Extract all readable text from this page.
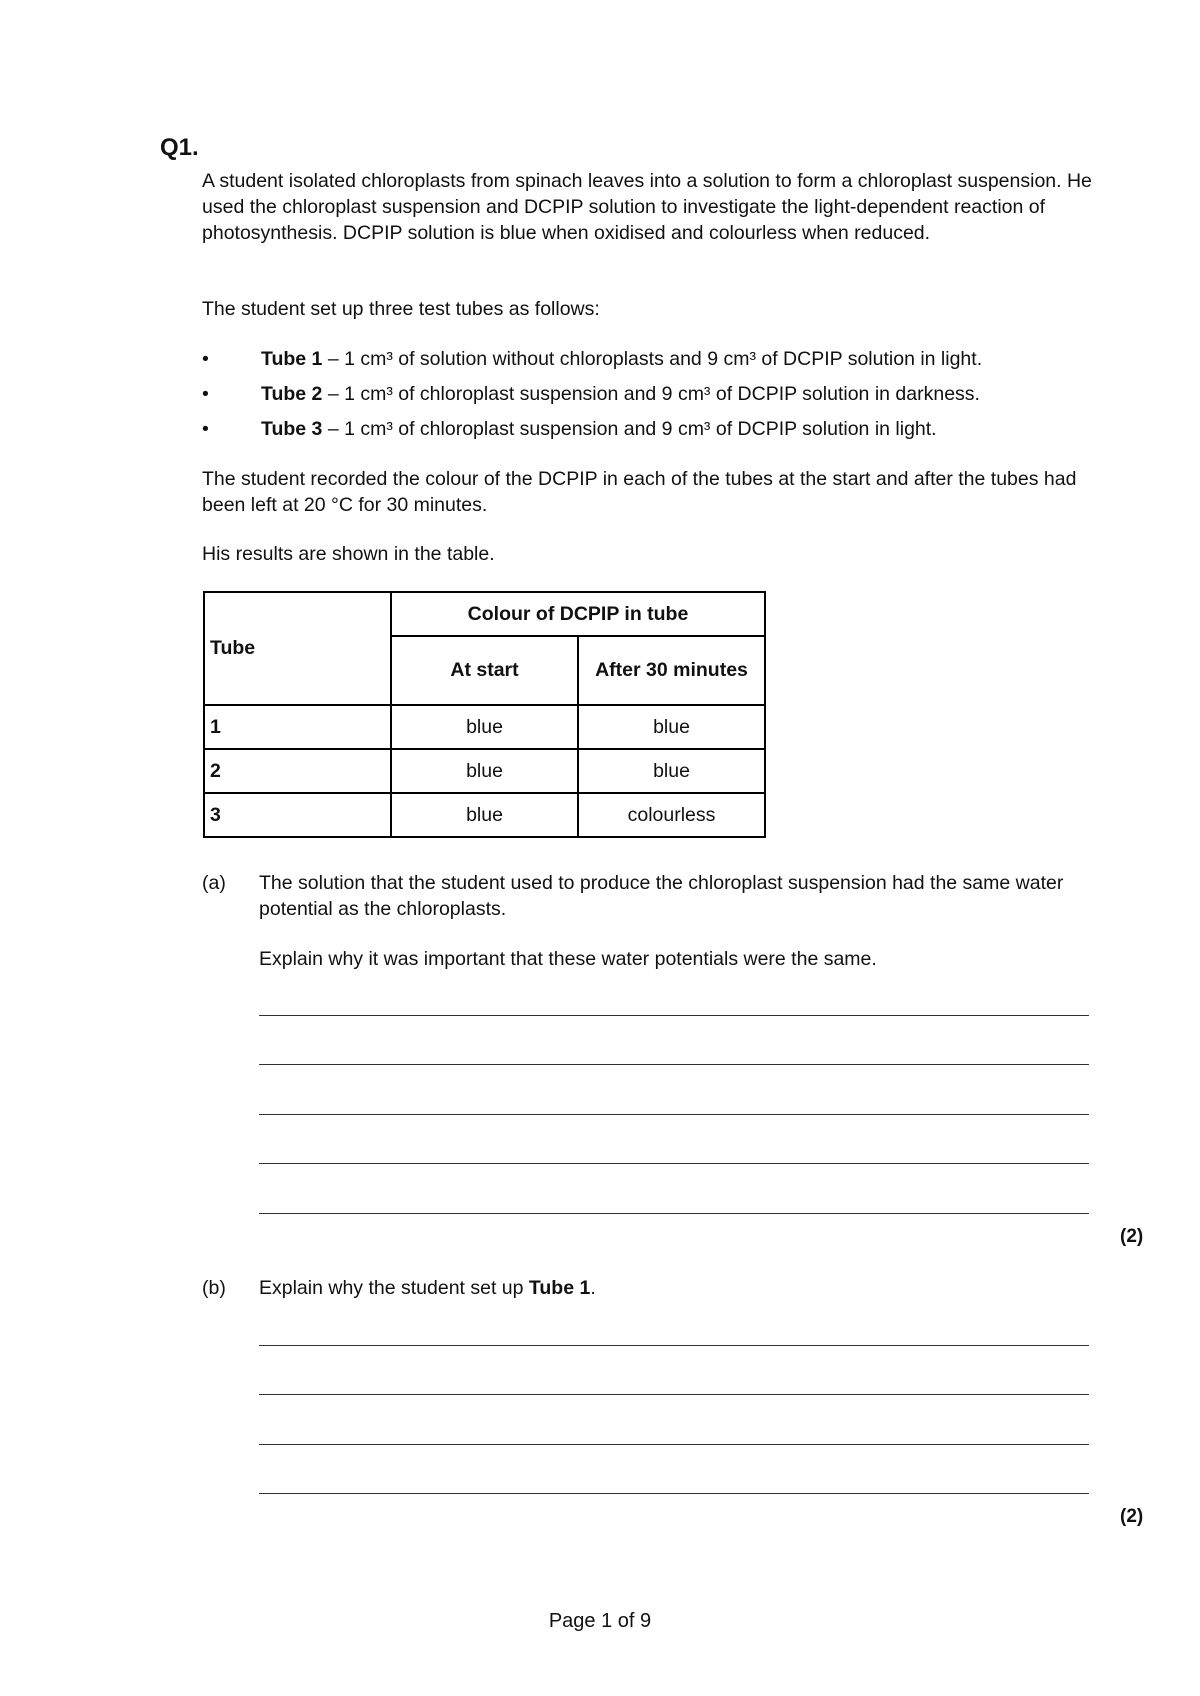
Q1.
A student isolated chloroplasts from spinach leaves into a solution to form a chloroplast suspension. He used the chloroplast suspension and DCPIP solution to investigate the light-dependent reaction of photosynthesis. DCPIP solution is blue when oxidised and colourless when reduced.
The student set up three test tubes as follows:
•	Tube 1 – 1 cm³ of solution without chloroplasts and 9 cm³ of DCPIP solution in light.
•	Tube 2 – 1 cm³ of chloroplast suspension and 9 cm³ of DCPIP solution in darkness.
•	Tube 3 – 1 cm³ of chloroplast suspension and 9 cm³ of DCPIP solution in light.
The student recorded the colour of the DCPIP in each of the tubes at the start and after the tubes had been left at 20 °C for 30 minutes.
His results are shown in the table.
Tube	Colour of DCPIP in tube	
	At start	After 30 minutes
1	blue	blue
2	blue	blue
3	blue	colourless
(a) The solution that the student used to produce the chloroplast suspension had the same water potential as the chloroplasts.
Explain why it was important that these water potentials were the same.
(2)
(b) Explain why the student set up Tube 1.
(2)
Page 1 of 9
